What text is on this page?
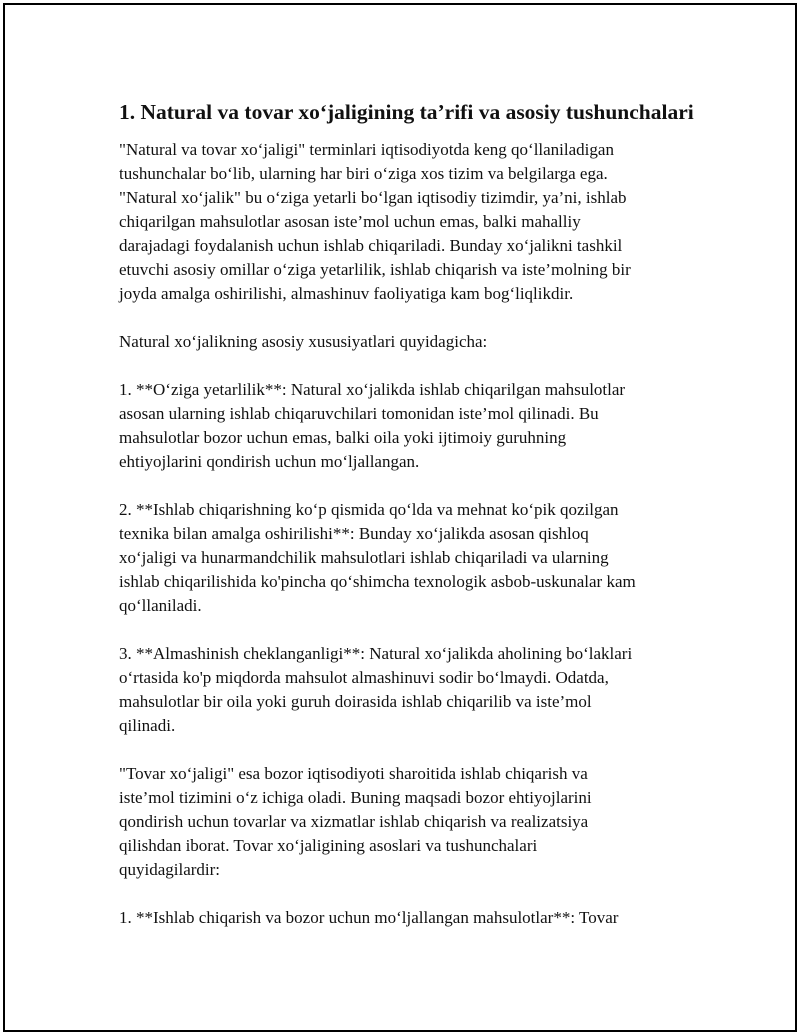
1. Natural va tovar xo‘jaligining ta’rifi va asosiy tushunchalari
"Natural va tovar xo‘jaligi" terminlari iqtisodiyotda keng qo‘llaniladigan
tushunchalar bo‘lib, ularning har biri o‘ziga xos tizim va belgilarga ega.
"Natural xo‘jalik" bu o‘ziga yetarli bo‘lgan iqtisodiy tizimdir, ya’ni, ishlab
chiqarilgan mahsulotlar asosan iste’mol uchun emas, balki mahalliy
darajadagi foydalanish uchun ishlab chiqariladi. Bunday xo‘jalikni tashkil
etuvchi asosiy omillar o‘ziga yetarlilik, ishlab chiqarish va iste’molning bir
joyda amalga oshirilishi, almashinuv faoliyatiga kam bog‘liqlikdir.
Natural xo‘jalikning asosiy xususiyatlari quyidagicha:
1. **O‘ziga yetarlilik**: Natural xo‘jalikda ishlab chiqarilgan mahsulotlar
asosan ularning ishlab chiqaruvchilari tomonidan iste’mol qilinadi. Bu
mahsulotlar bozor uchun emas, balki oila yoki ijtimoiy guruhning
ehtiyojlarini qondirish uchun mo‘ljallangan.
2. **Ishlab chiqarishning ko‘p qismida qo‘lda va mehnat ko‘pik qozilgan
texnika bilan amalga oshirilishi**: Bunday xo‘jalikda asosan qishloq
xo‘jaligi va hunarmandchilik mahsulotlari ishlab chiqariladi va ularning
ishlab chiqarilishida ko'pincha qo‘shimcha texnologik asbob-uskunalar kam
qo‘llaniladi.
3. **Almashinish cheklanganligi**: Natural xo‘jalikda aholining bo‘laklari
o‘rtasida ko'p miqdorda mahsulot almashinuvi sodir bo‘lmaydi. Odatda,
mahsulotlar bir oila yoki guruh doirasida ishlab chiqarilib va iste’mol
qilinadi.
"Tovar xo‘jaligi" esa bozor iqtisodiyoti sharoitida ishlab chiqarish va
iste’mol tizimini o‘z ichiga oladi. Buning maqsadi bozor ehtiyojlarini
qondirish uchun tovarlar va xizmatlar ishlab chiqarish va realizatsiya
qilishdan iborat. Tovar xo‘jaligining asoslari va tushunchalari
quyidagilardir:
1. **Ishlab chiqarish va bozor uchun mo‘ljallangan mahsulotlar**: Tovar
